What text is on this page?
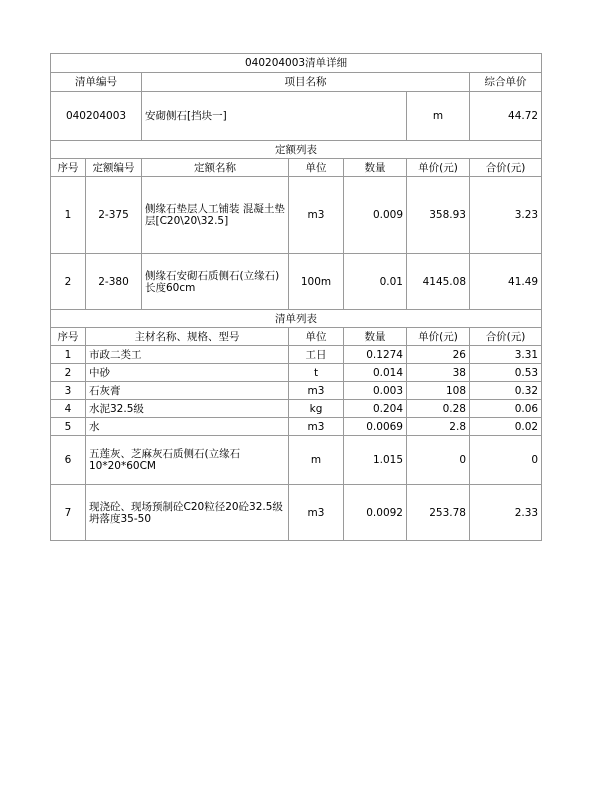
040204003清单详细						
清单编号		项目名称				综合单价
040204003		安砌侧石[挡块一]			m	44.72
定额列表						
序号	定额编号	定额名称	单位	数量	单价(元)	合价(元)
1	2-375	侧缘石垫层人工铺装 混凝土垫层[C20\20\32.5]	m3	0.009	358.93	3.23
2	2-380	侧缘石安砌石质侧石(立缘石) 长度60cm	100m	0.01	4145.08	41.49
清单列表						
序号	主材名称、规格、型号		单位	数量	单价(元)	合价(元)
1	市政二类工		工日	0.1274	26	3.31
2	中砂		t	0.014	38	0.53
3	石灰膏		m3	0.003	108	0.32
4	水泥32.5级		kg	0.204	0.28	0.06
5	水		m3	0.0069	2.8	0.02
6	五莲灰、芝麻灰石质侧石(立缘石 10*20*60CM		m	1.015	0	0
7	现浇砼、现场预制砼C20粒径20砼32.5级坍落度35-50		m3	0.0092	253.78	2.33
